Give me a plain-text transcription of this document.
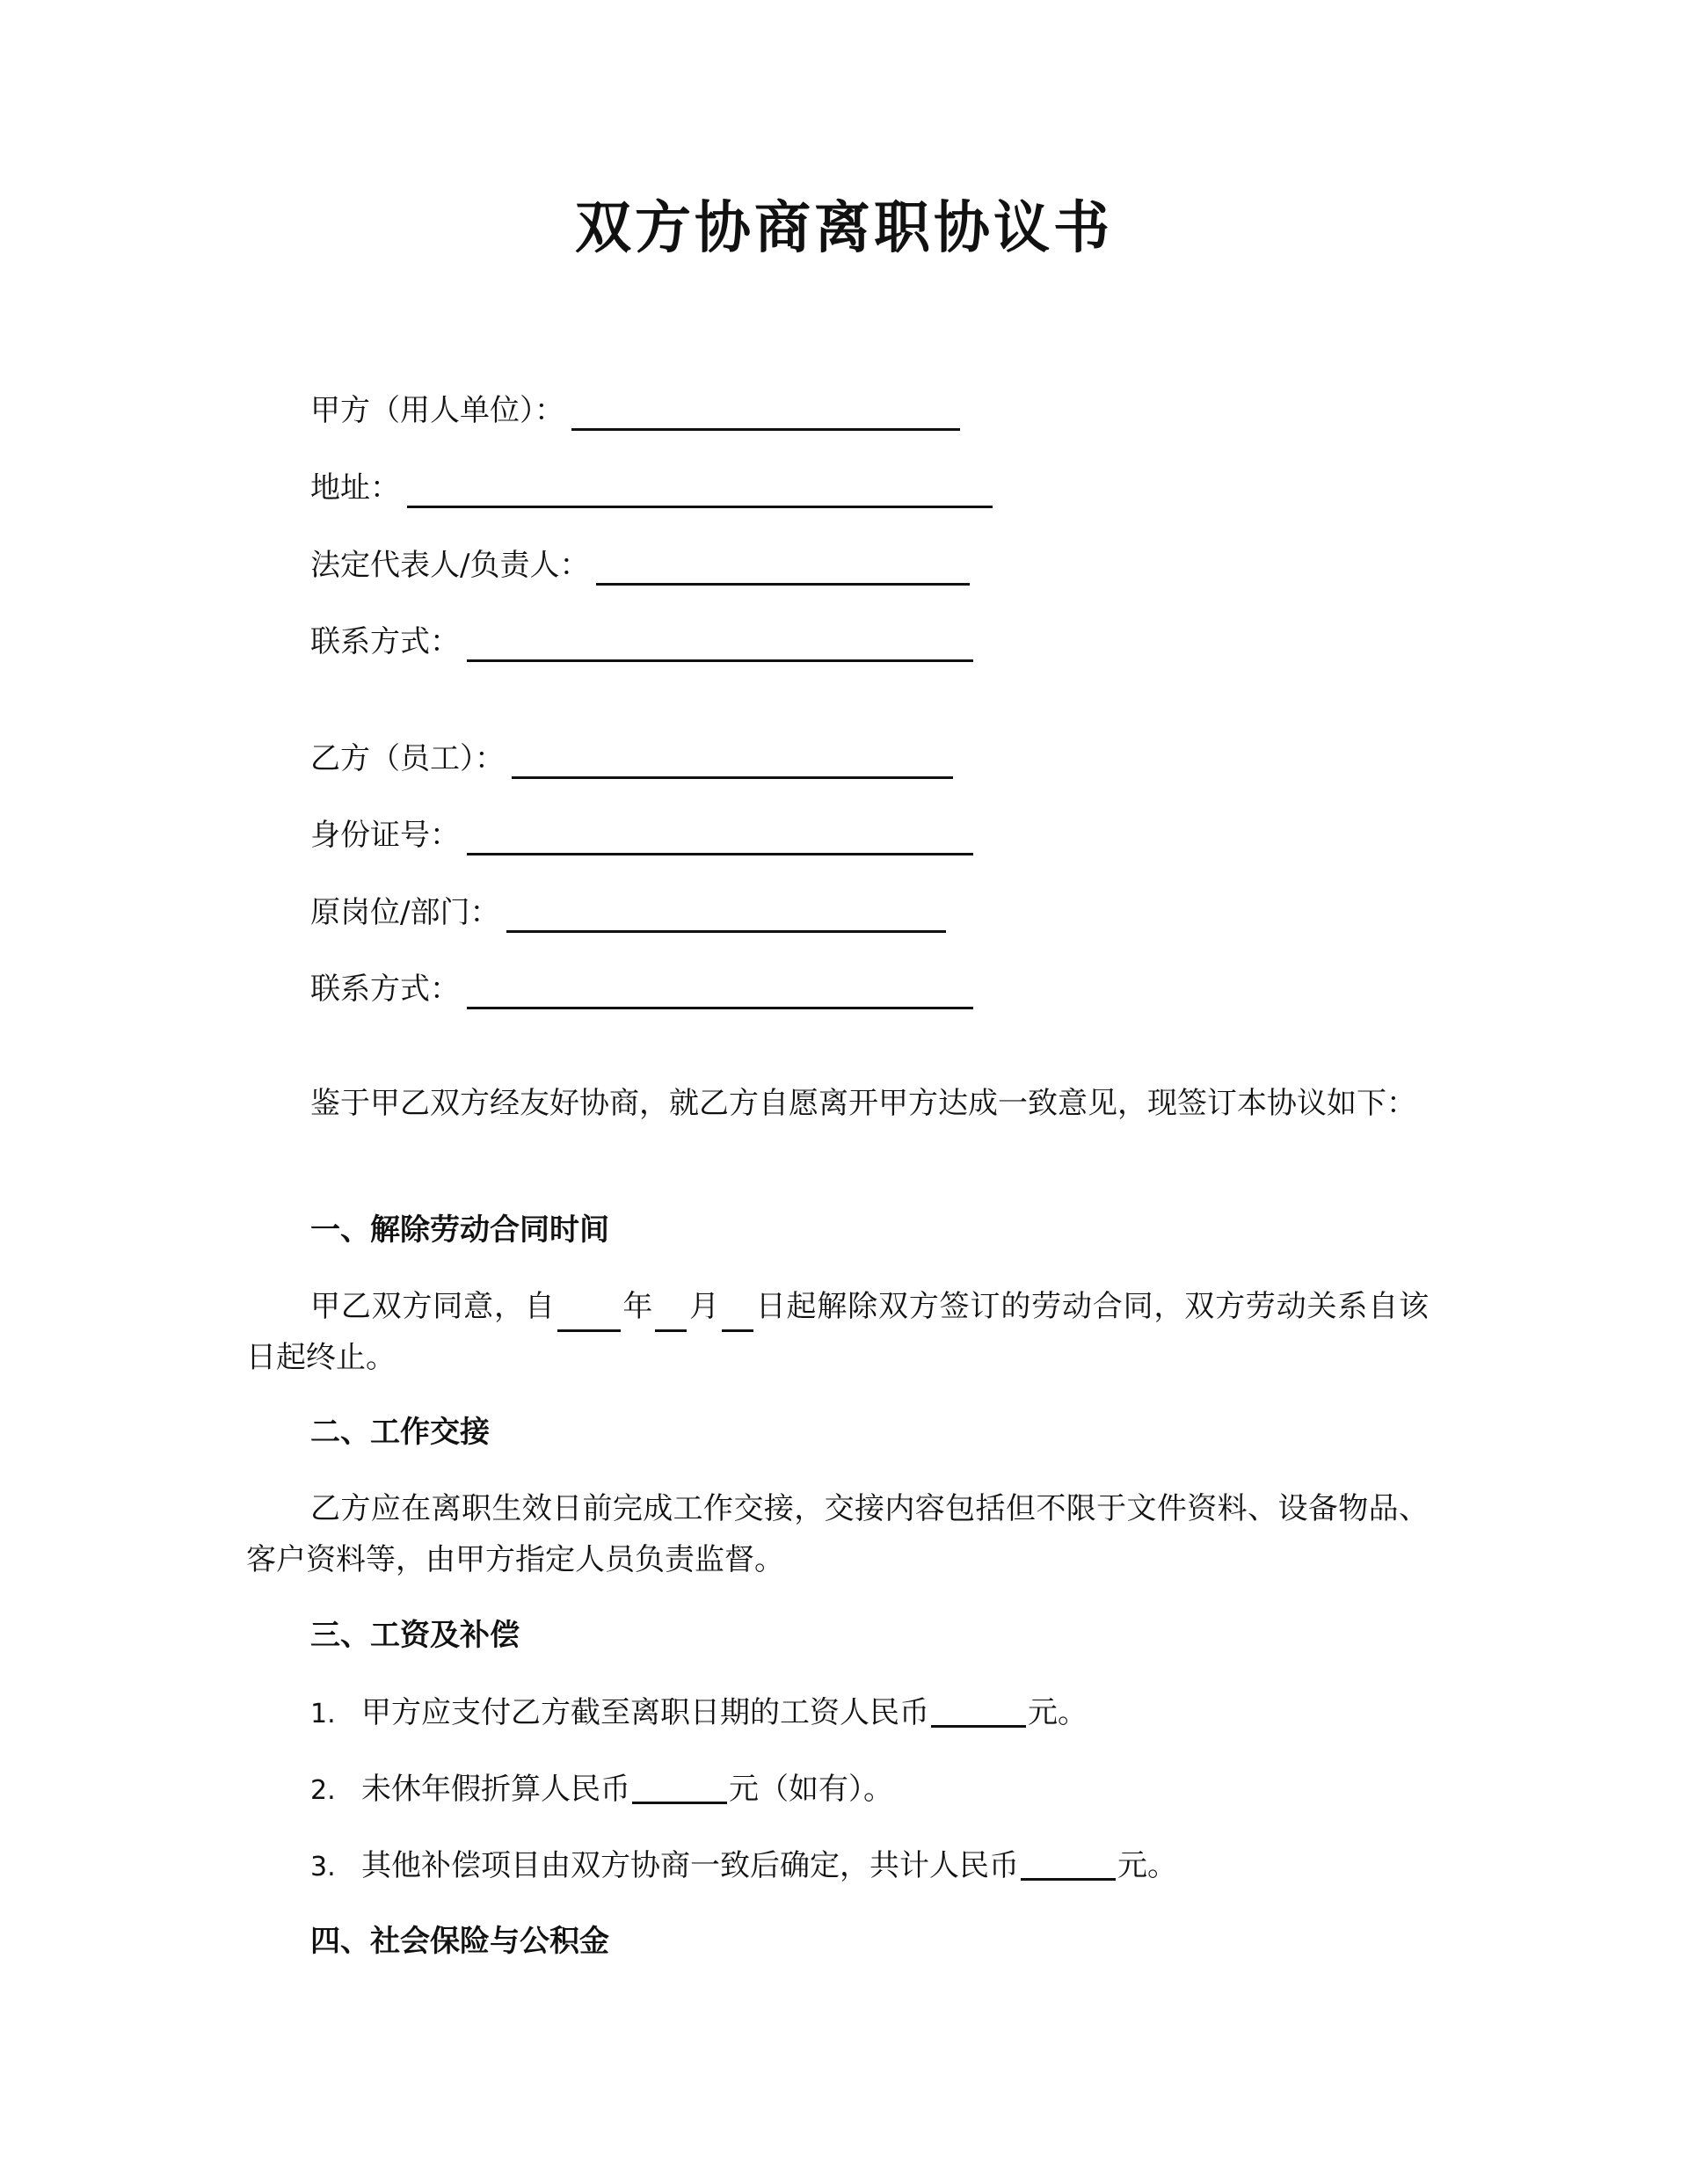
双方协商离职协议书
甲方（用人单位）：
地址：
法定代表人/负责人：
联系方式：
乙方（员工）：
身份证号：
原岗位/部门：
联系方式：

鉴于甲乙双方经友好协商，就乙方自愿离开甲方达成一致意见，现签订本协议如下：

一、解除劳动合同时间

甲乙双方同意，自 年 月 日起解除双方签订的劳动合同，双方劳动关系自该日起终止。

二、工作交接

乙方应在离职生效日前完成工作交接，交接内容包括但不限于文件资料、设备物品、客户资料等，由甲方指定人员负责监督。

三、工资及补偿

1. 甲方应支付乙方截至离职日期的工资人民币	元。

2. 未休年假折算人民币	元（如有）。

3. 其他补偿项目由双方协商一致后确定，共计人民币	元。

四、社会保险与公积金
